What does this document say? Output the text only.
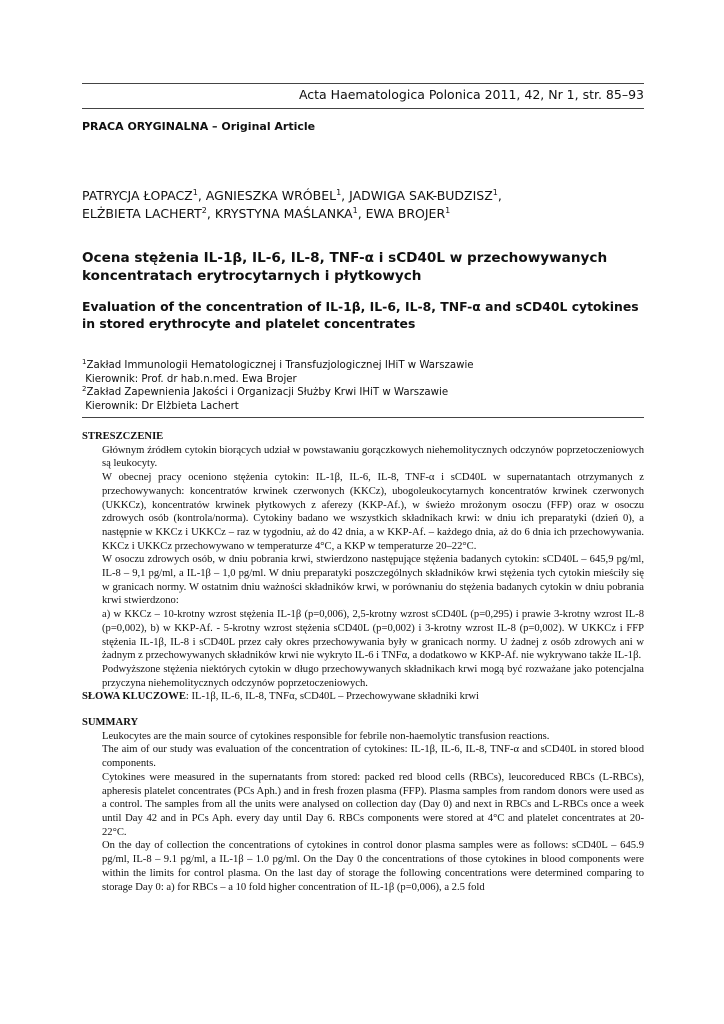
Acta Haematologica Polonica 2011, 42, Nr 1, str. 85–93
PRACA ORYGINALNA – Original Article
PATRYCJA ŁOPACZ$^1$, AGNIESZKA WRÓBEL$^1$, JADWIGA SAK-BUDZISZ$^1$,
ELŻBIETA LACHERT$^2$, KRYSTYNA MAŚLANKA$^1$, EWA BROJER$^1$
Ocena stężenia IL-1β, IL-6, IL-8, TNF-α i sCD40L w przechowywanych koncentratach erytrocytarnych i płytkowych
Evaluation of the concentration of IL-1β, IL-6, IL-8, TNF-α and sCD40L cytokines in stored erythrocyte and platelet concentrates
$^1$Zakład Immunologii Hematologicznej i Transfuzjologicznej IHiT w Warszawie
Kierownik: Prof. dr hab.n.med. Ewa Brojer
$^2$Zakład Zapewnienia Jakości i Organizacji Służby Krwi IHiT w Warszawie
Kierownik: Dr Elżbieta Lachert
STRESZCZENIE

Głównym źródłem cytokin biorących udział w powstawaniu gorączkowych niehemolitycznych odczynów poprzetoczeniowych są leukocyty.

W obecnej pracy oceniono stężenia cytokin: IL-1β, IL-6, IL-8, TNF-α i sCD40L w supernatantach otrzymanych z przechowywanych: koncentratów krwinek czerwonych (KKCz), ubogoleukocytarnych koncentratów krwinek czerwonych (UKKCz), koncentratów krwinek płytkowych z aferezy (KKP-Af.), w świeżo mrożonym osoczu (FFP) oraz w osoczu zdrowych osób (kontrola/norma). Cytokiny badano we wszystkich składnikach krwi: w dniu ich preparatyki (dzień 0), a następnie w KKCz i UKKCz – raz w tygodniu, aż do 42 dnia, a w KKP-Af. – każdego dnia, aż do 6 dnia ich przechowywania. KKCz i UKKCz przechowywano w temperaturze 4°C, a KKP w temperaturze 20–22°C.

W osoczu zdrowych osób, w dniu pobrania krwi, stwierdzono następujące stężenia badanych cytokin: sCD40L – 645,9 pg/ml, IL-8 – 9,1 pg/ml, a IL-1β – 1,0 pg/ml. W dniu preparatyki poszczególnych składników krwi stężenia tych cytokin mieściły się w granicach normy. W ostatnim dniu ważności składników krwi, w porównaniu do stężenia badanych cytokin w dniu pobrania krwi stwierdzono:

a) w KKCz – 10-krotny wzrost stężenia IL-1β (p=0,006), 2,5-krotny wzrost sCD40L (p=0,295) i prawie 3-krotny wzrost IL-8 (p=0,002), b) w KKP-Af. - 5-krotny wzrost stężenia sCD40L (p=0,002) i 3-krotny wzrost IL-8 (p=0,002). W UKKCz i FFP stężenia IL-1β, IL-8 i sCD40L przez cały okres przechowywania były w granicach normy. U żadnej z osób zdrowych ani w żadnym z przechowywanych składników krwi nie wykryto IL-6 i TNFα, a dodatkowo w KKP-Af. nie wykrywano także IL-1β.

Podwyższone stężenia niektórych cytokin w długo przechowywanych składnikach krwi mogą być rozważane jako potencjalna przyczyna niehemolitycznych odczynów poprzetoczeniowych.

SŁOWA KLUCZOWE: IL-1β, IL-6, IL-8, TNFα, sCD40L – Przechowywane składniki krwi

SUMMARY

Leukocytes are the main source of cytokines responsible for febrile non-haemolytic transfusion reactions.

The aim of our study was evaluation of the concentration of cytokines: IL-1β, IL-6, IL-8, TNF-α and sCD40L in stored blood components.

Cytokines were measured in the supernatants from stored: packed red blood cells (RBCs), leucoreduced RBCs (L-RBCs), apheresis platelet concentrates (PCs Aph.) and in fresh frozen plasma (FFP). Plasma samples from random donors were used as a control. The samples from all the units were analysed on collection day (Day 0) and next in RBCs and L-RBCs once a week until Day 42 and in PCs Aph. every day until Day 6. RBCs components were stored at 4°C and platelet concentrates at 20-22°C.

On the day of collection the concentrations of cytokines in control donor plasma samples were as follows: sCD40L – 645.9 pg/ml, IL-8 – 9.1 pg/ml, a IL-1β – 1.0 pg/ml. On the Day 0 the concentrations of those cytokines in blood components were within the limits for control plasma. On the last day of storage the following concentrations were determined comparing to storage Day 0: a) for RBCs – a 10 fold higher concentration of IL-1β (p=0,006), a 2.5 fold
